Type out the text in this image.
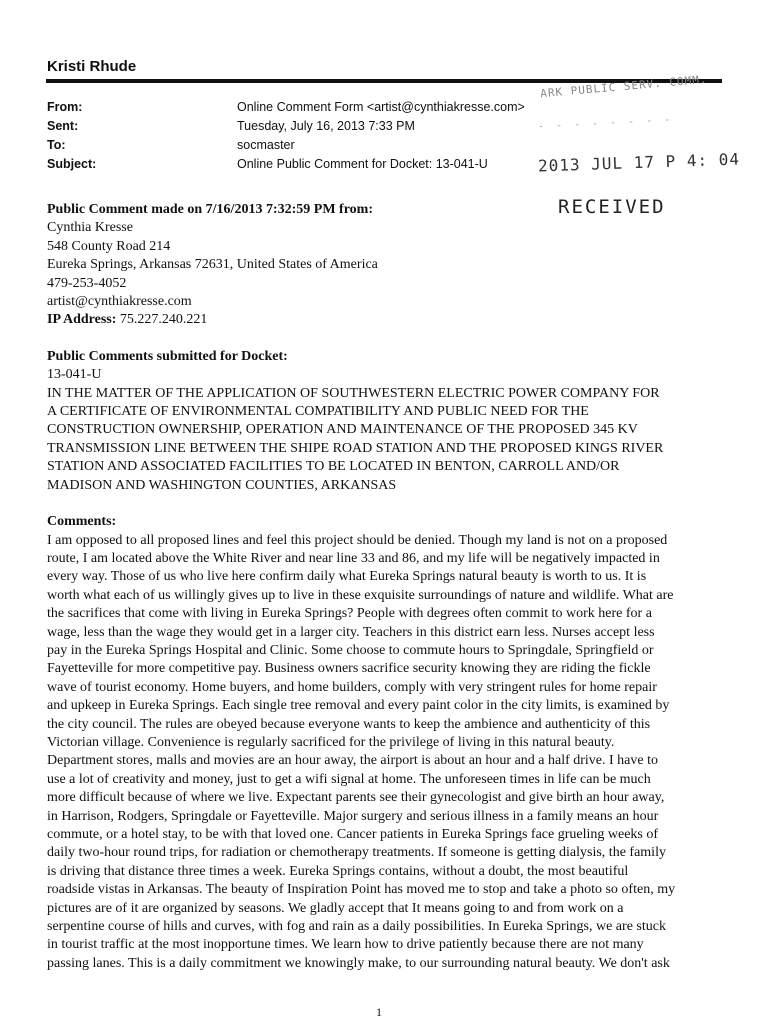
Kristi Rhude
From:	Online Comment Form <artist@cynthiakresse.com>
Sent:	Tuesday, July 16, 2013 7:33 PM
To:	socmaster
Subject:	Online Public Comment for Docket: 13-041-U
ARK PUBLIC SERV. COMM.
- - - - - - - -
2013 JUL 17 P 4: 04
RECEIVED
Public Comment made on 7/16/2013 7:32:59 PM from:
Cynthia Kresse
548 County Road 214
Eureka Springs, Arkansas 72631, United States of America
479-253-4052
artist@cynthiakresse.com
IP Address: 75.227.240.221
Public Comments submitted for Docket:
13-041-U
IN THE MATTER OF THE APPLICATION OF SOUTHWESTERN ELECTRIC POWER COMPANY FOR
A CERTIFICATE OF ENVIRONMENTAL COMPATIBILITY AND PUBLIC NEED FOR THE
CONSTRUCTION OWNERSHIP, OPERATION AND MAINTENANCE OF THE PROPOSED 345 KV
TRANSMISSION LINE BETWEEN THE SHIPE ROAD STATION AND THE PROPOSED KINGS RIVER
STATION AND ASSOCIATED FACILITIES TO BE LOCATED IN BENTON, CARROLL AND/OR
MADISON AND WASHINGTON COUNTIES, ARKANSAS
Comments:
I am opposed to all proposed lines and feel this project should be denied. Though my land is not on a proposed
route, I am located above the White River and near line 33 and 86, and my life will be negatively impacted in
every way. Those of us who live here confirm daily what Eureka Springs natural beauty is worth to us. It is
worth what each of us willingly gives up to live in these exquisite surroundings of nature and wildlife. What are
the sacrifices that come with living in Eureka Springs? People with degrees often commit to work here for a
wage, less than the wage they would get in a larger city. Teachers in this district earn less. Nurses accept less
pay in the Eureka Springs Hospital and Clinic. Some choose to commute hours to Springdale, Springfield or
Fayetteville for more competitive pay. Business owners sacrifice security knowing they are riding the fickle
wave of tourist economy. Home buyers, and home builders, comply with very stringent rules for home repair
and upkeep in Eureka Springs. Each single tree removal and every paint color in the city limits, is examined by
the city council. The rules are obeyed because everyone wants to keep the ambience and authenticity of this
Victorian village. Convenience is regularly sacrificed for the privilege of living in this natural beauty.
Department stores, malls and movies are an hour away, the airport is about an hour and a half drive. I have to
use a lot of creativity and money, just to get a wifi signal at home. The unforeseen times in life can be much
more difficult because of where we live. Expectant parents see their gynecologist and give birth an hour away,
in Harrison, Rodgers, Springdale or Fayetteville. Major surgery and serious illness in a family means an hour
commute, or a hotel stay, to be with that loved one. Cancer patients in Eureka Springs face grueling weeks of
daily two-hour round trips, for radiation or chemotherapy treatments. If someone is getting dialysis, the family
is driving that distance three times a week. Eureka Springs contains, without a doubt, the most beautiful
roadside vistas in Arkansas. The beauty of Inspiration Point has moved me to stop and take a photo so often, my
pictures are of it are organized by seasons. We gladly accept that It means going to and from work on a
serpentine course of hills and curves, with fog and rain as a daily possibilities. In Eureka Springs, we are stuck
in tourist traffic at the most inopportune times. We learn how to drive patiently because there are not many
passing lanes. This is a daily commitment we knowingly make, to our surrounding natural beauty. We don't ask
1
